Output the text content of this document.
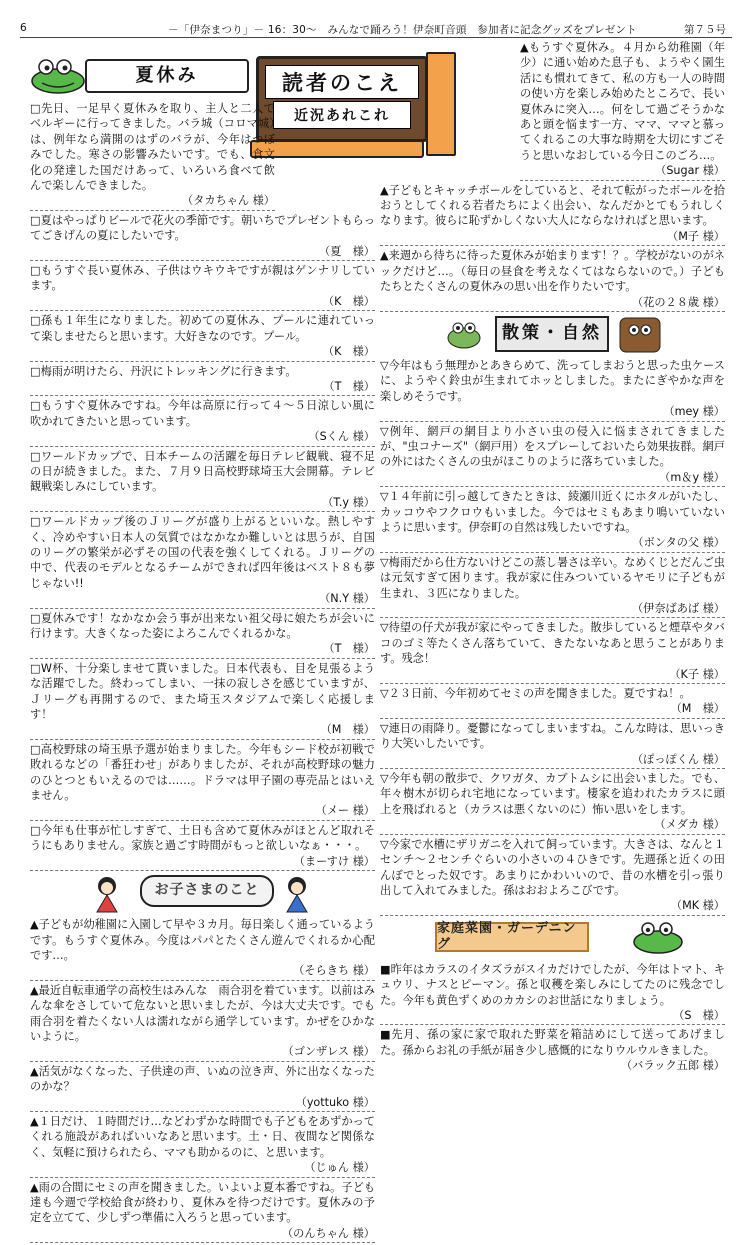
6	－「伊奈まつり」－ 16：30～　みんなで踊ろう！伊奈町音頭　参加者に記念グッズをプレゼント	第７５号
読者のこえ
近況あれこれ
夏休み
□先日、一足早く夏休みを取り、主人と二人でベルギーに行ってきました。バラ城（コロマ城）は、例年なら満開のはずのバラが、今年はつぼみでした。寒さの影響みたいです。でも、食文化の発達した国だけあって、いろいろ食べて飲んで楽しんできました。
（タカちゃん 様）
□夏はやっぱりビールで花火の季節です。朝いちでプレゼントもらってごきげんの夏にしたいです。
（夏　様）
□もうすぐ長い夏休み、子供はウキウキですが親はゲンナリしています。
（K　様）
□孫も１年生になりました。初めての夏休み、プールに連れていって楽しませたらと思います。大好きなのです。プール。
（K　様）
□梅雨が明けたら、丹沢にトレッキングに行きます。
（T　様）
□もうすぐ夏休みですね。今年は高原に行って４～５日涼しい風に吹かれてきたいと思っています。
（Sくん 様）
□ワールドカップで、日本チームの活躍を毎日テレビ観戦、寝不足の日が続きました。また、７月９日高校野球埼玉大会開幕。テレビ観戦楽しみにしています。
（T.y 様）
□ワールドカップ後のＪリーグが盛り上がるといいな。熱しやすく、冷めやすい日本人の気質ではなかなか難しいとは思うが、自国のリーグの繁栄が必ずその国の代表を強くしてくれる。Ｊリーグの中で、代表のモデルとなるチームができれば四年後はベスト８も夢じゃない!!
（N.Y 様）
□夏休みです！なかなか会う事が出来ない祖父母に娘たちが会いに行けます。大きくなった姿によろこんでくれるかな。
（T　様）
□W杯、十分楽しませて貰いました。日本代表も、目を見張るような活躍でした。終わってしまい、一抹の寂しさを感じていますが、Ｊリーグも再開するので、また埼玉スタジアムで楽しく応援します！
（M　様）
□高校野球の埼玉県予選が始まりました。今年もシード校が初戦で敗れるなどの「番狂わせ」がありましたが、それが高校野球の魅力のひとつともいえるのでは……。ドラマは甲子園の専売品とはいえません。
（メー 様）
□今年も仕事が忙しすぎて、土日も含めて夏休みがほとんど取れそうにもありません。家族と過ごす時間がもっと欲しいなぁ・・・。
（まーすけ 様）
お子さまのこと
▲子どもが幼稚園に入園して早や３カ月。毎日楽しく通っているようです。もうすぐ夏休み。今度はパパとたくさん遊んでくれるか心配です…。
（そらきち 様）
▲最近自転車通学の高校生はみんな　雨合羽を着ています。以前はみんな傘をさしていて危ないと思いましたが、今は大丈夫です。でも雨合羽を着たくない人は濡れながら通学しています。かぜをひかないように。
（ゴンザレス 様）
▲活気がなくなった、子供達の声、いぬの泣き声、外に出なくなったのかな？
（yottuko 様）
▲１日だけ、１時間だけ…などわずかな時間でも子どもをあずかってくれる施設があればいいなあと思います。土・日、夜間など関係なく、気軽に預けられたら、ママも助かるのに、と思います。
（じゅん 様）
▲雨の合間にセミの声を聞きました。いよいよ夏本番ですね。子ども達も今週で学校給食が終わり、夏休みを待つだけです。夏休みの予定を立てて、少しずつ準備に入ろうと思っています。
（のんちゃん 様）
▲もうすぐ夏休み。４月から幼稚園（年少）に通い始めた息子も、ようやく園生活にも慣れてきて、私の方も一人の時間の使い方を楽しみ始めたところで、長い夏休みに突入…。何をして過ごそうかなあと頭を悩ます一方、ママ、ママと慕ってくれるこの大事な時期を大切にすごそうと思いなおしている今日このごろ…。
（Sugar 様）
▲子どもとキャッチボールをしていると、それて転がったボールを拾おうとしてくれる若者たちによく出会い、なんだかとてもうれしくなります。彼らに恥ずかしくない大人にならなければと思います。
（M子 様）
▲来週から待ちに待った夏休みが始まります！？。学校がないのがネックだけど…。（毎日の昼食を考えなくてはならないので。）子どもたちとたくさんの夏休みの思い出を作りたいです。
（花の２８歳 様）
散策・自然
▽今年はもう無理かとあきらめて、洗ってしまおうと思った虫ケースに、ようやく鈴虫が生まれてホッとしました。またにぎやかな声を楽しめそうです。
（mey 様）
▽例年、網戸の網目より小さい虫の侵入に悩まされてきましたが、"虫コナーズ"（網戸用）をスプレーしておいたら効果抜群。網戸の外にはたくさんの虫がほこりのように落ちていました。
（m＆y 様）
▽１４年前に引っ越してきたときは、綾瀬川近くにホタルがいたし、カッコウやフクロウもいました。今ではセミもあまり鳴いていないように思います。伊奈町の自然は残したいですね。
（ボンタの父 様）
▽梅雨だから仕方ないけどこの蒸し暑さは辛い。なめくじとだんご虫は元気すぎて困ります。我が家に住みついているヤモリに子どもが生まれ、３匹になりました。
（伊奈ばあば 様）
▽待望の仔犬が我が家にやってきました。散歩していると煙草やタバコのゴミ等たくさん落ちていて、きたないなあと思うことがあります。残念！
（K子 様）
▽２３日前、今年初めてセミの声を聞きました。夏ですね！。
（M　様）
▽連日の雨降り。憂鬱になってしまいますね。こんな時は、思いっきり大笑いしたいです。
（ぽっぽくん 様）
▽今年も朝の散歩で、クワガタ、カブトムシに出会いました。でも、年々樹木が切られ宅地になっています。棲家を追われたカラスに頭上を飛ばれると（カラスは悪くないのに）怖い思いをします。
（メダカ 様）
▽今家で水槽にザリガニを入れて飼っています。大きさは、なんと１センチ～２センチぐらいの小さいの４ひきです。先週孫と近くの田んぼでとった奴です。あまりにかわいいので、昔の水槽を引っ張り出して入れてみました。孫はおおよろこびです。
（MK 様）
家庭菜園・ガーデニング
■昨年はカラスのイタズラがスイカだけでしたが、今年はトマト、キュウリ、ナスとピーマン。孫と収穫を楽しみにしてたのに残念でした。今年も黄色ずくめのカカシのお世話になりましょう。
（S　様）
■先月、孫の家に家で取れた野菜を箱詰めにして送ってあげました。孫からお礼の手紙が届き少し感慨的になりウルウルきました。
（バラック五郎 様）
